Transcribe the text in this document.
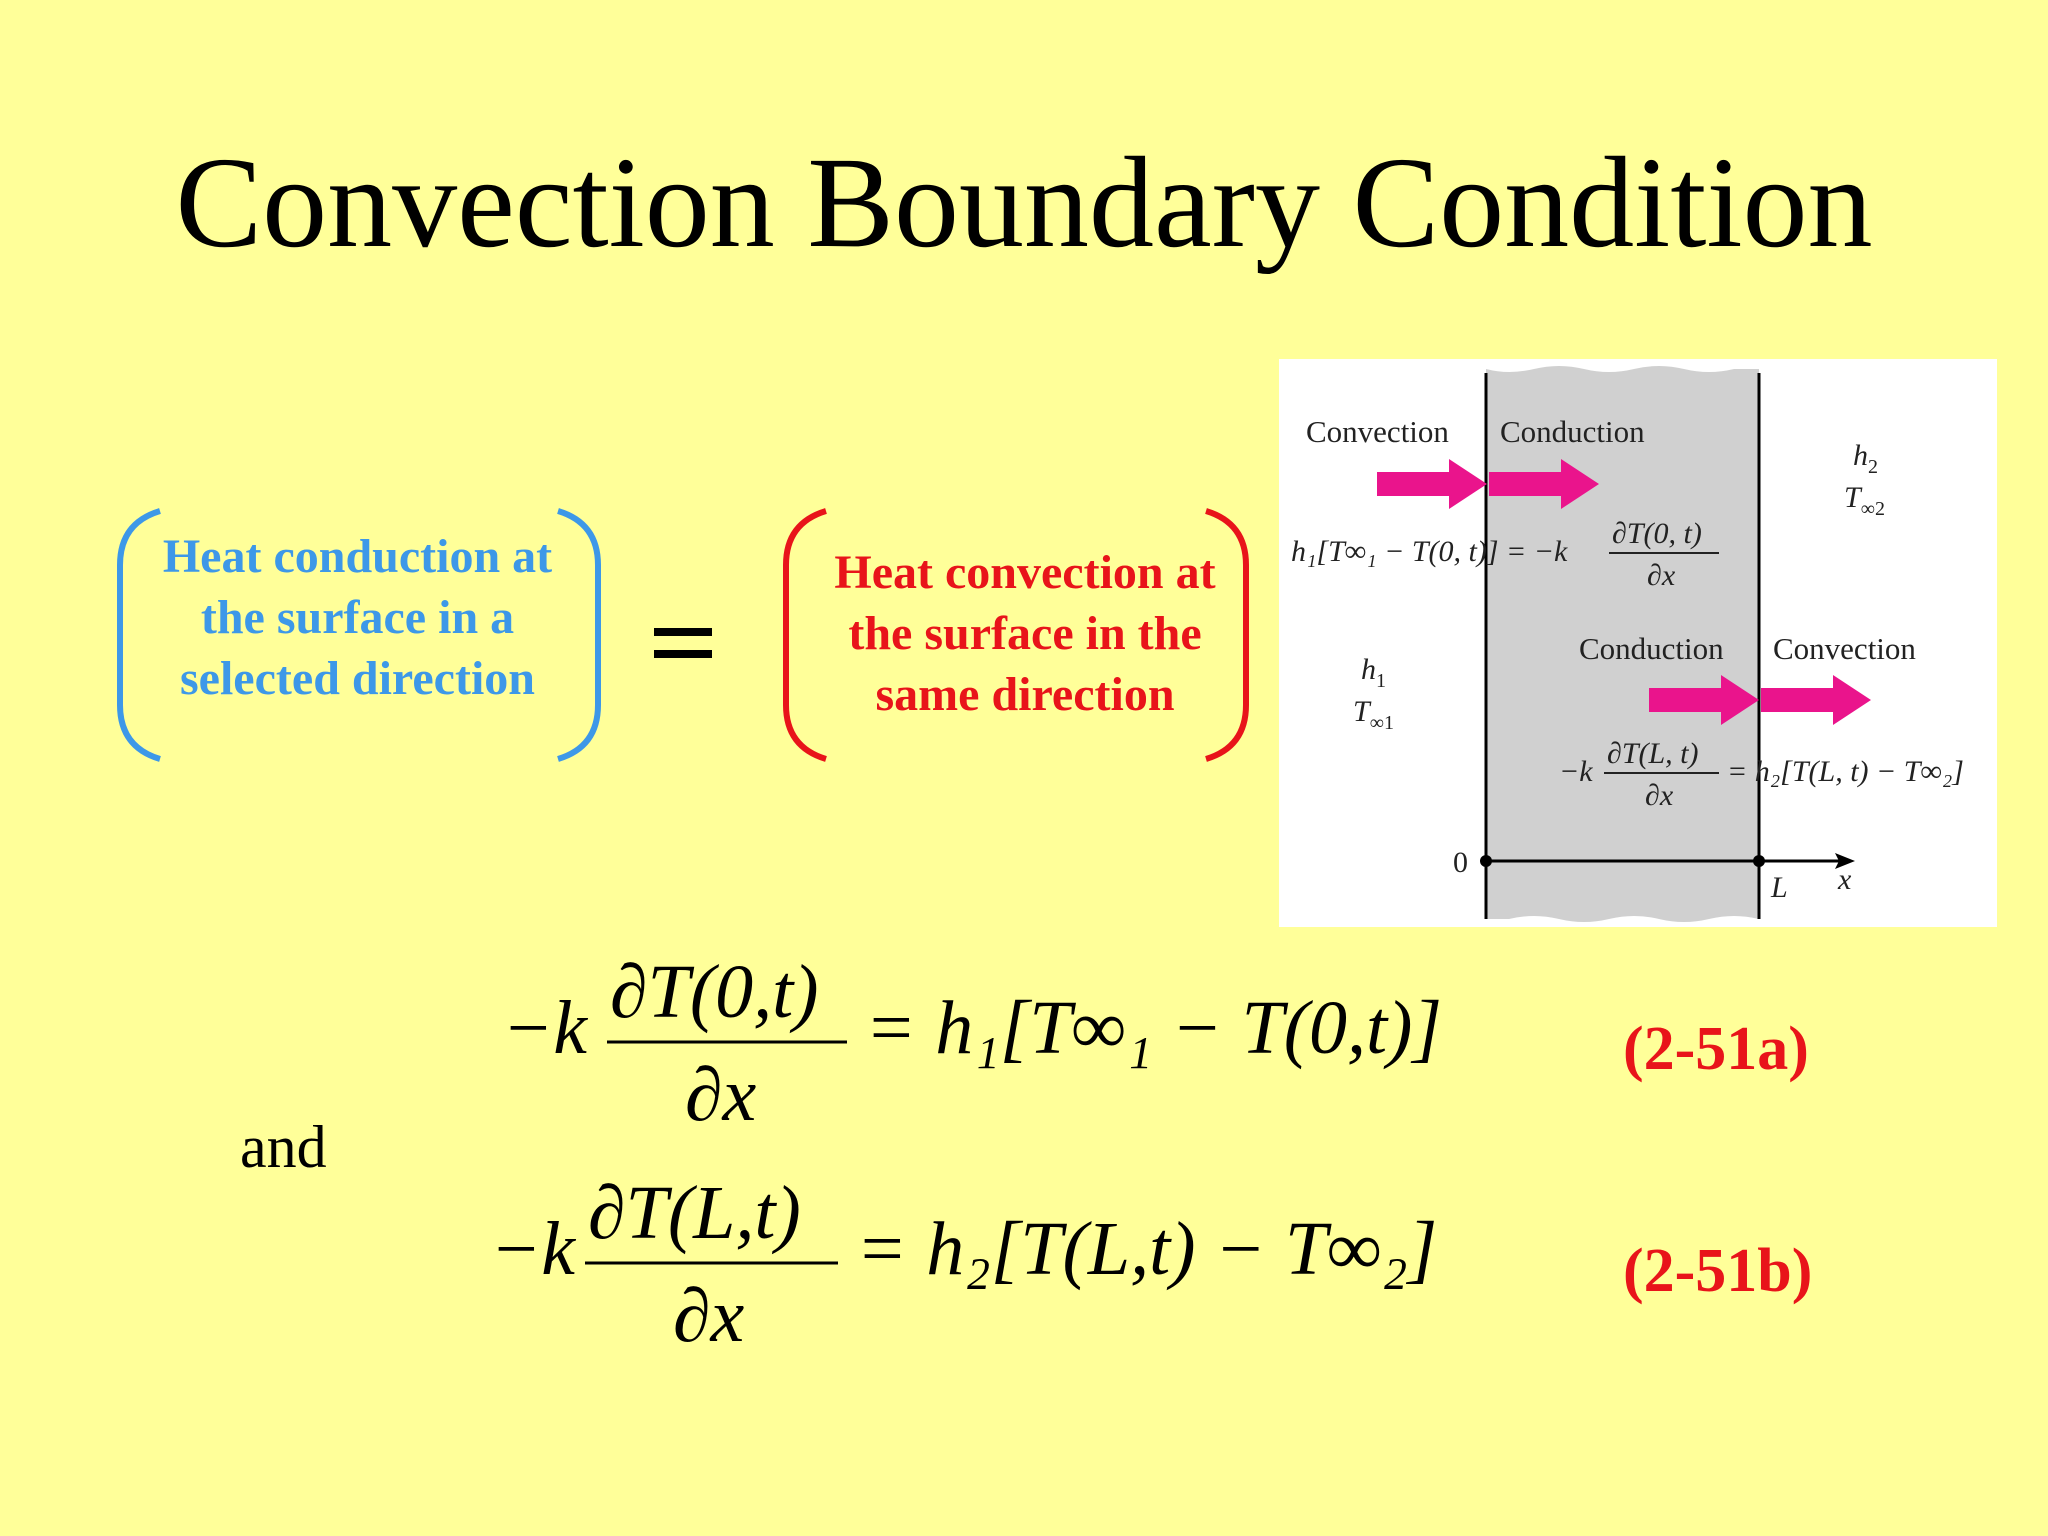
Convection Boundary Condition
Heat conduction at the surface in a selected direction
Heat convection at the surface in the same direction
Convection Conduction
h₁[T∞₁ − T(0, t)] = −k
∂T(0, t)
∂x
$h_2$
$T_{\infty 2}$
$h_1$
$T_{\infty 1}$
Conduction Convection
−k
∂T(L, t)
∂x
= h₂[T(L, t) − T∞₂]
0
L x
−k ∂T(0,t)
∂x
= h₁[T∞₁ − T(0,t)]
and
−k ∂T(L,t)
∂x
= h₂[T(L,t) − T∞₂]
(2-51a)
(2-51b)
